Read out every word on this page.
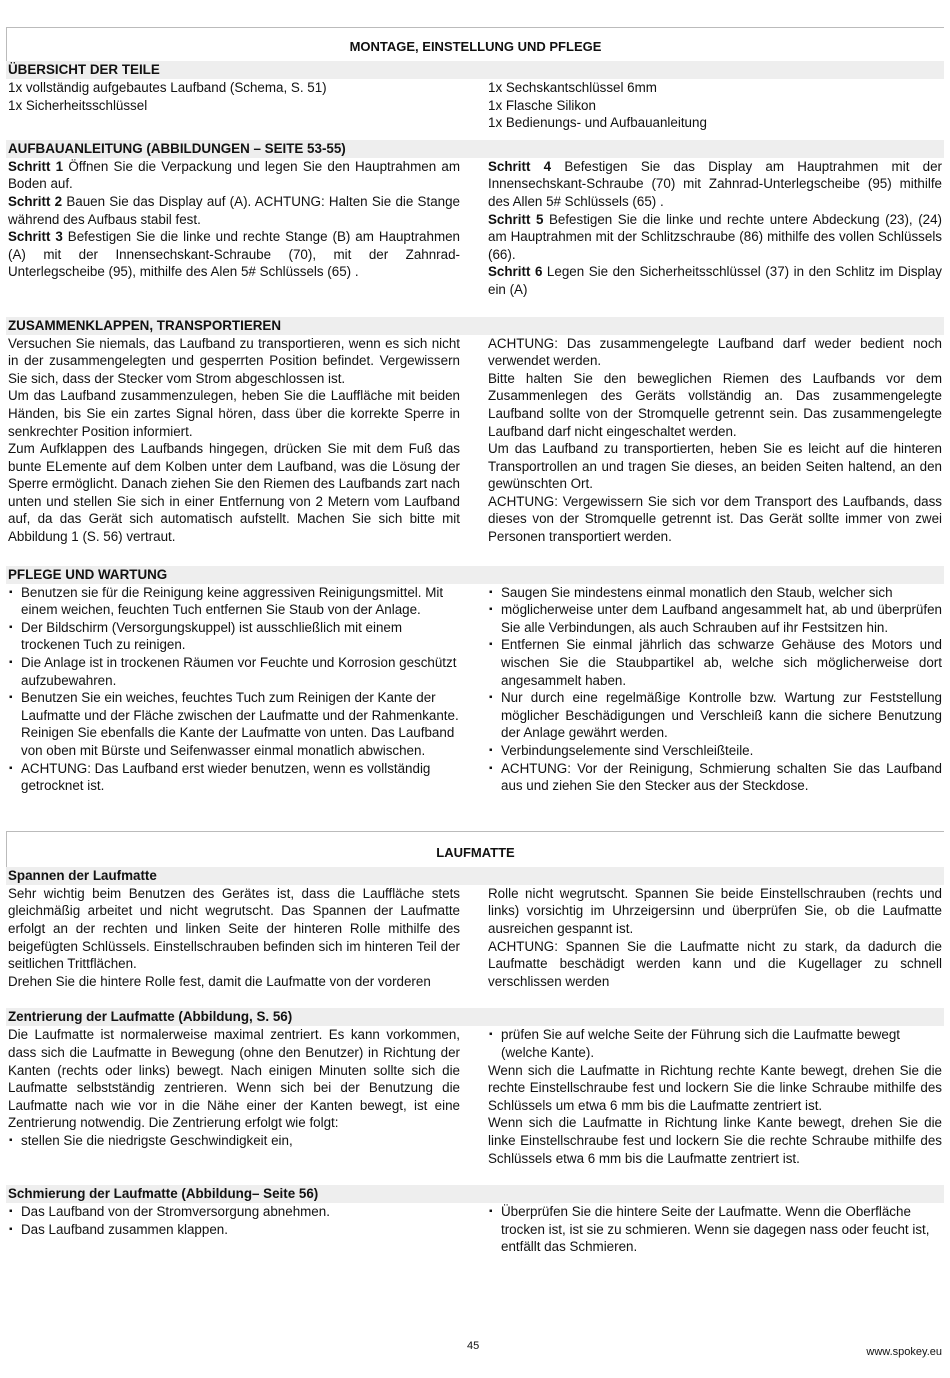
MONTAGE, EINSTELLUNG UND PFLEGE
ÜBERSICHT DER TEILE

1x vollständig aufgebautes Laufband (Schema, S. 51)

1x Sicherheitsschlüssel

1x Sechskantschlüssel 6mm

1x Flasche Silikon

1x Bedienungs- und Aufbauanleitung

AUFBAUANLEITUNG (ABBILDUNGEN – SEITE 53-55)

Schritt 1 Öffnen Sie die Verpackung und legen Sie den Hauptrahmen am Boden auf.

Schritt 2 Bauen Sie das Display auf (A). ACHTUNG: Halten Sie die Stange während des Aufbaus stabil fest.

Schritt 3 Befestigen Sie die linke und rechte Stange (B) am Hauptrahmen (A) mit der Innensechskant-Schraube (70), mit der Zahnrad-Unterlegscheibe (95), mithilfe des Alen 5# Schlüssels (65) .

Schritt 4 Befestigen Sie das Display am Hauptrahmen mit der Innensechskant-Schraube (70) mit Zahnrad-Unterlegscheibe (95) mithilfe des Allen 5# Schlüssels (65) .

Schritt 5 Befestigen Sie die linke und rechte untere Abdeckung (23), (24) am Hauptrahmen mit der Schlitzschraube (86) mithilfe des vollen Schlüssels (66).

Schritt 6 Legen Sie den Sicherheitsschlüssel (37) in den Schlitz im Display ein (A)

ZUSAMMENKLAPPEN, TRANSPORTIEREN

Versuchen Sie niemals, das Laufband zu transportieren, wenn es sich nicht in der zusammengelegten und gesperrten Position befindet. Vergewissern Sie sich, dass der Stecker vom Strom abgeschlossen ist.

Um das Laufband zusammenzulegen, heben Sie die Lauffläche mit beiden Händen, bis Sie ein zartes Signal hören, dass über die korrekte Sperre in senkrechter Position informiert.

Zum Aufklappen des Laufbands hingegen, drücken Sie mit dem Fuß das bunte ELemente auf dem Kolben unter dem Laufband, was die Lösung der Sperre ermöglicht. Danach ziehen Sie den Riemen des Laufbands zart nach unten und stellen Sie sich in einer Entfernung von 2 Metern vom Laufband auf, da das Gerät sich automatisch aufstellt. Machen Sie sich bitte mit Abbildung 1 (S. 56) vertraut.

ACHTUNG: Das zusammengelegte Laufband darf weder bedient noch verwendet werden.

Bitte halten Sie den beweglichen Riemen des Laufbands vor dem Zusammenlegen des Geräts vollständig an. Das zusammengelegte Laufband sollte von der Stromquelle getrennt sein. Das zusammengelegte Laufband darf nicht eingeschaltet werden.

Um das Laufband zu transportierten, heben Sie es leicht auf die hinteren Transportrollen an und tragen Sie dieses, an beiden Seiten haltend, an den gewünschten Ort.

ACHTUNG: Vergewissern Sie sich vor dem Transport des Laufbands, dass dieses von der Stromquelle getrennt ist. Das Gerät sollte immer von zwei Personen transportiert werden.

PFLEGE UND WARTUNG
▪ Benutzen sie für die Reinigung keine aggressiven Reinigungsmittel. Mit einem weichen, feuchten Tuch entfernen Sie Staub von der Anlage.
▪ Der Bildschirm (Versorgungskuppel) ist ausschließlich mit einem trockenen Tuch zu reinigen.
▪ Die Anlage ist in trockenen Räumen vor Feuchte und Korrosion geschützt aufzubewahren.
▪ Benutzen Sie ein weiches, feuchtes Tuch zum Reinigen der Kante der Laufmatte und der Fläche zwischen der Laufmatte und der Rahmenkante. Reinigen Sie ebenfalls die Kante der Laufmatte von unten. Das Laufband von oben mit Bürste und Seifenwasser einmal monatlich abwischen.
▪ ACHTUNG: Das Laufband erst wieder benutzen, wenn es vollständig getrocknet ist.
▪ Saugen Sie mindestens einmal monatlich den Staub, welcher sich
▪ möglicherweise unter dem Laufband angesammelt hat, ab und überprüfen Sie alle Verbindungen, als auch Schrauben auf ihr Festsitzen hin.
▪ Entfernen Sie einmal jährlich das schwarze Gehäuse des Motors und wischen Sie die Staubpartikel ab, welche sich möglicherweise dort angesammelt haben.
▪ Nur durch eine regelmäßige Kontrolle bzw. Wartung zur Feststellung möglicher Beschädigungen und Verschleiß kann die sichere Benutzung der Anlage gewährt werden.
▪ Verbindungselemente sind Verschleißteile.
▪ ACHTUNG: Vor der Reinigung, Schmierung schalten Sie das Laufband aus und ziehen Sie den Stecker aus der Steckdose.
LAUFMATTE
Spannen der Laufmatte

Sehr wichtig beim Benutzen des Gerätes ist, dass die Lauffläche stets gleichmäßig arbeitet und nicht wegrutscht. Das Spannen der Laufmatte erfolgt an der rechten und linken Seite der hinteren Rolle mithilfe des beigefügten Schlüssels. Einstellschrauben befinden sich im hinteren Teil der seitlichen Trittflächen.

Drehen Sie die hintere Rolle fest, damit die Laufmatte von der vorderen

Rolle nicht wegrutscht. Spannen Sie beide Einstellschrauben (rechts und links) vorsichtig im Uhrzeigersinn und überprüfen Sie, ob die Laufmatte ausreichen gespannt ist.

ACHTUNG: Spannen Sie die Laufmatte nicht zu stark, da dadurch die Laufmatte beschädigt werden kann und die Kugellager zu schnell verschlissen werden

Zentrierung der Laufmatte (Abbildung, S. 56)

Die Laufmatte ist normalerweise maximal zentriert. Es kann vorkommen, dass sich die Laufmatte in Bewegung (ohne den Benutzer) in Richtung der Kanten (rechts oder links) bewegt. Nach einigen Minuten sollte sich die Laufmatte selbstständig zentrieren. Wenn sich bei der Benutzung die Laufmatte nach wie vor in die Nähe einer der Kanten bewegt, ist eine Zentrierung notwendig. Die Zentrierung erfolgt wie folgt:

▪ stellen Sie die niedrigste Geschwindigkeit ein,
▪ prüfen Sie auf welche Seite der Führung sich die Laufmatte bewegt (welche Kante).

Wenn sich die Laufmatte in Richtung rechte Kante bewegt, drehen Sie die rechte Einstellschraube fest und lockern Sie die linke Schraube mithilfe des Schlüssels um etwa 6 mm bis die Laufmatte zentriert ist.

Wenn sich die Laufmatte in Richtung linke Kante bewegt, drehen Sie die linke Einstellschraube fest und lockern Sie die rechte Schraube mithilfe des Schlüssels etwa 6 mm bis die Laufmatte zentriert ist.

Schmierung der Laufmatte (Abbildung– Seite 56)
▪ Das Laufband von der Stromversorgung abnehmen.
▪ Das Laufband zusammen klappen.
▪ Überprüfen Sie die hintere Seite der Laufmatte. Wenn die Oberfläche trocken ist, ist sie zu schmieren. Wenn sie dagegen nass oder feucht ist, entfällt das Schmieren.
45	www.spokey.eu
